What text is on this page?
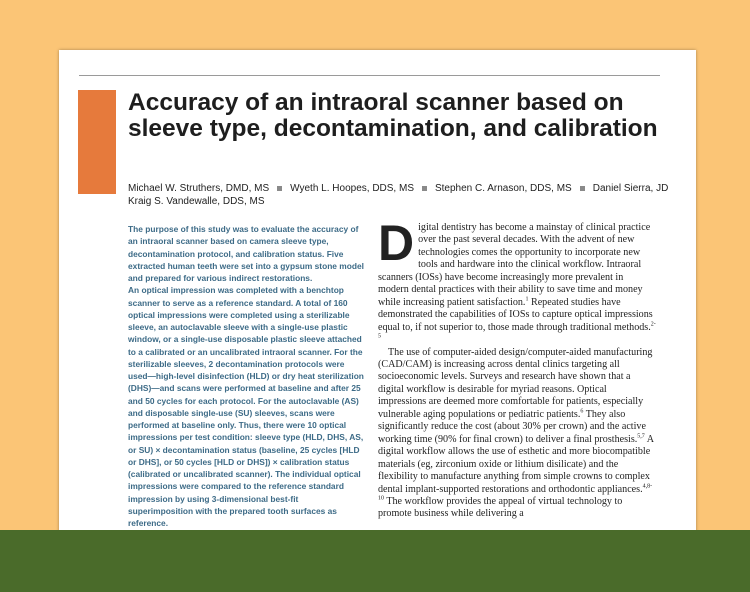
Accuracy of an intraoral scanner based on sleeve type, decontamination, and calibration
Michael W. Struthers, DMD, MS Wyeth L. Hoopes, DDS, MS Stephen C. Arnason, DDS, MS Daniel Sierra, JD
Kraig S. Vandewalle, DDS, MS

The purpose of this study was to evaluate the accuracy of an intraoral scanner based on camera sleeve type, decontamination protocol, and calibration status. Five extracted human teeth were set into a gypsum stone model and prepared for various indirect restorations.

An optical impression was completed with a benchtop scanner to serve as a reference standard. A total of 160 optical impressions were completed using a sterilizable sleeve, an autoclavable sleeve with a single-use plastic window, or a single-use disposable plastic sleeve attached to a calibrated or an uncalibrated intraoral scanner. For the sterilizable sleeves, 2 decontamination protocols were used—high-level disinfection (HLD) or dry heat sterilization (DHS)—and scans were performed at baseline and after 25 and 50 cycles for each protocol. For the autoclavable (AS) and disposable single-use (SU) sleeves, scans were performed at baseline only. Thus, there were 10 optical impressions per test condition: sleeve type (HLD, DHS, AS, or SU) × decontamination status (baseline, 25 cycles [HLD or DHS], or 50 cycles [HLD or DHS]) × calibration status (calibrated or uncalibrated scanner). The individual optical impressions were compared to the reference standard impression by using 3-dimensional best-fit superimposition with the prepared tooth surfaces as reference.

Digital dentistry has become a mainstay of clinical practice over the past several decades. With the advent of new technologies comes the opportunity to incorporate new tools and hardware into the clinical workflow. Intraoral scanners (IOSs) have become increasingly more prevalent in modern dental practices with their ability to save time and money while increasing patient satisfaction.$^1$ Repeated studies have demonstrated the capabilities of IOSs to capture optical impressions equal to, if not superior to, those made through traditional methods.$^{2-5}$

The use of computer-aided design/computer-aided manufacturing (CAD/CAM) is increasing across dental clinics targeting all socioeconomic levels. Surveys and research have shown that a digital workflow is desirable for myriad reasons. Optical impressions are deemed more comfortable for patients, especially vulnerable aging populations or pediatric patients.$^6$ They also significantly reduce the cost (about 30% per crown) and the active working time (90% for final crown) to deliver a final prosthesis.$^{5,7}$ A digital workflow allows the use of esthetic and more biocompatible materials (eg, zirconium oxide or lithium disilicate) and the flexibility to manufacture anything from simple crowns to complex dental implant-supported restorations and orthodontic appliances.$^{4,8-10}$ The workflow provides the appeal of virtual technology to promote business while delivering a
